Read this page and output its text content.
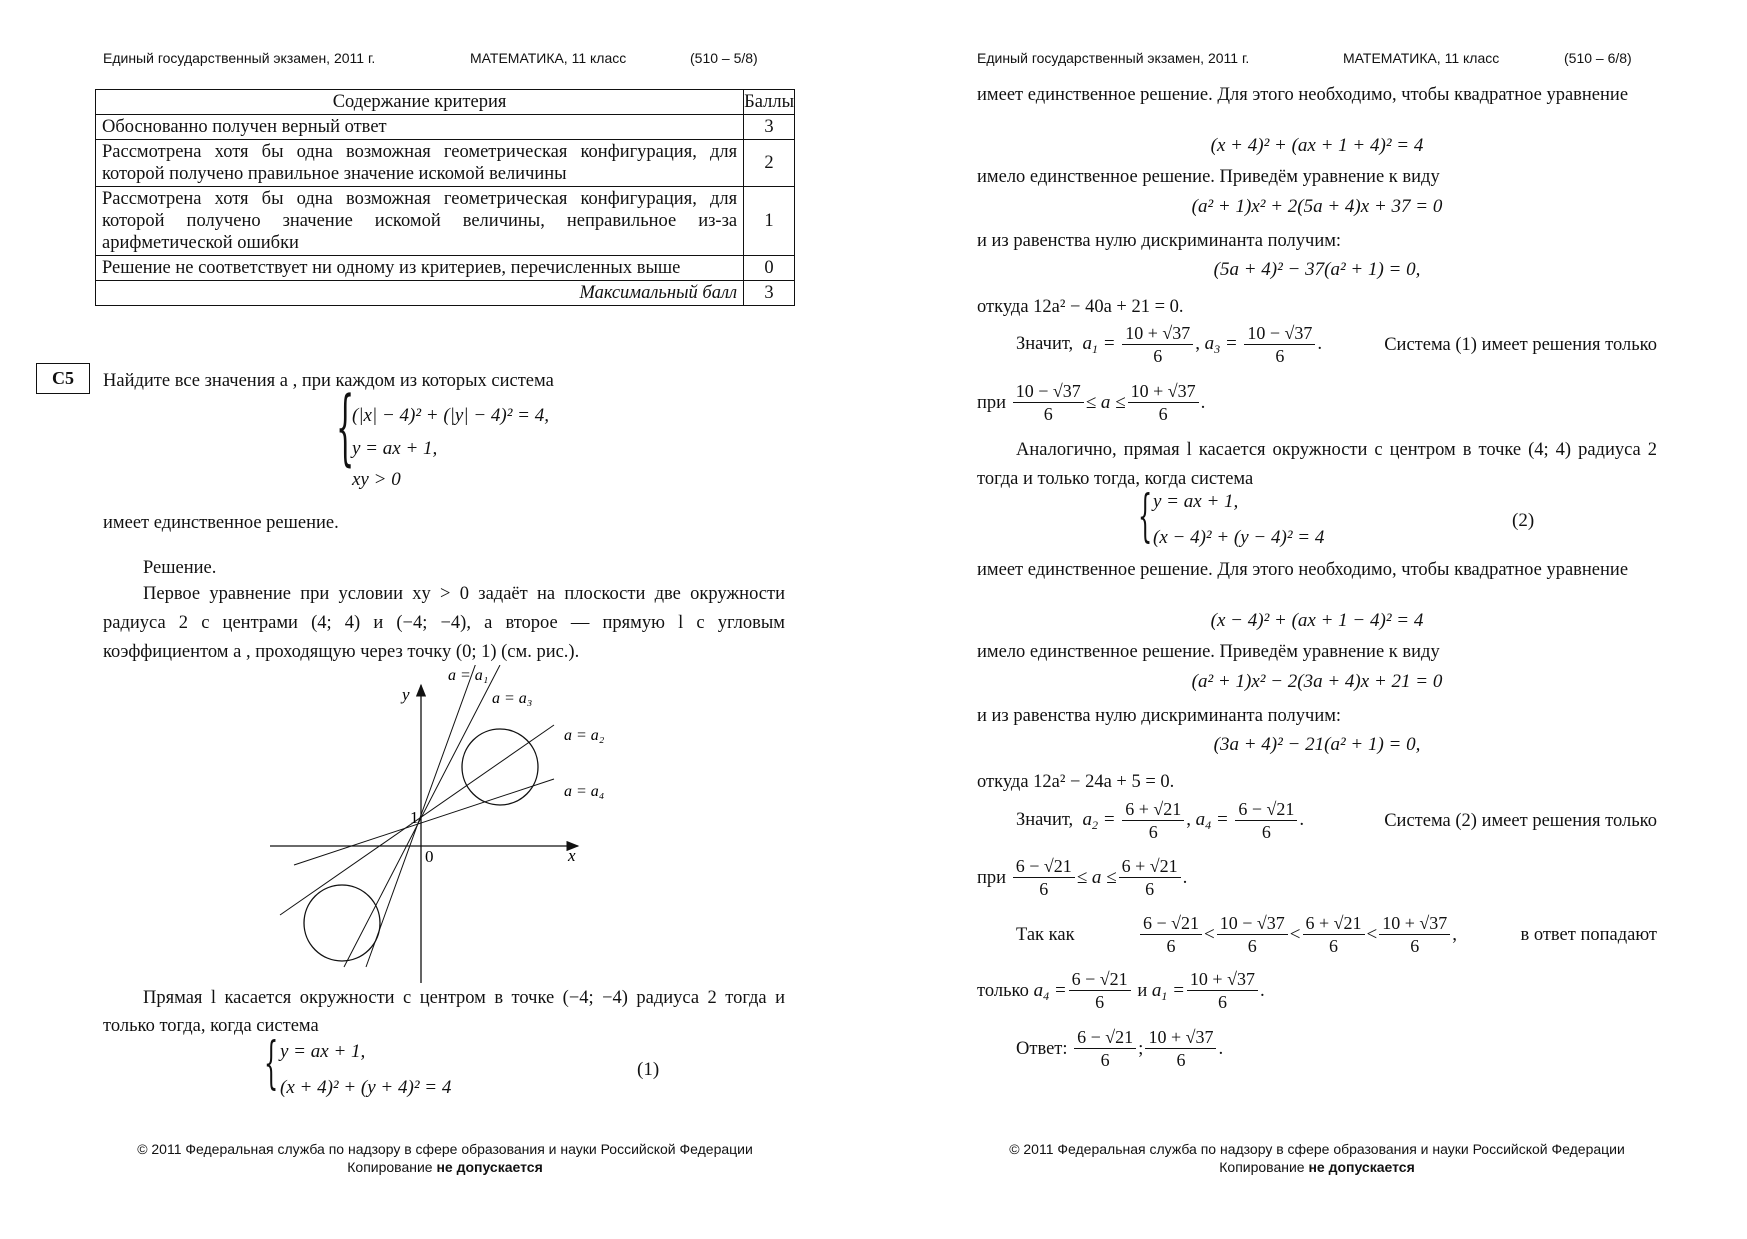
Единый государственный экзамен, 2011 г.	МАТЕМАТИКА, 11 класс	(510 – 5/8)
Содержание критерия	Баллы
Обоснованно получен верный ответ	3
Рассмотрена хотя бы одна возможная геометрическая конфигурация, для которой получено правильное значение искомой величины	2
Рассмотрена хотя бы одна возможная геометрическая конфигурация, для которой получено значение искомой величины, неправильное из-за арифметической ошибки	1
Решение не соответствует ни одному из критериев, перечисленных выше	0
Максимальный балл	3
C5	Найдите все значения a , при каждом из которых система
{
(|x| − 4)² + (|y| − 4)² = 4,
y = ax + 1,
xy > 0
имеет единственное решение.
Решение.
Первое уравнение при условии xy > 0 задаёт на плоскости две окружности радиуса 2 с центрами (4; 4) и (−4; −4), а второе — прямую l с угловым коэффициентом a , проходящую через точку (0; 1) (см. рис.).
y
x
0
1
a = a₁
a = a₃
a = a₂
a = a₄
Прямая l касается окружности с центром в точке (−4; −4) радиуса 2 тогда и только тогда, когда система
{ y = ax + 1,
(x + 4)² + (y + 4)² = 4
(1)
© 2011 Федеральная служба по надзору в сфере образования и науки Российской Федерации
Копирование не допускается
Единый государственный экзамен, 2011 г.	МАТЕМАТИКА, 11 класс	(510 – 6/8)
имеет единственное решение. Для этого необходимо, чтобы квадратное уравнение
(x + 4)² + (ax + 1 + 4)² = 4
имело единственное решение. Приведём уравнение к виду
(a² + 1)x² + 2(5a + 4)x + 37 = 0
и из равенства нулю дискриминанта получим:
(5a + 4)² − 37(a² + 1) = 0,
откуда 12a² − 40a + 21 = 0.
Значит,  $a_1 = \frac{10 + √37}{6}$ , $a_3 = \frac{10 - √37}{6}$ .	Система (1) имеет решения только
при
$\frac{10 - √37}{6} \le a \le \frac{10 + √37}{6}$ .
Аналогично, прямая l касается окружности с центром в точке (4; 4) радиуса 2 тогда и только тогда, когда система
{ y = ax + 1,
(x − 4)² + (y − 4)² = 4
(2)
имеет единственное решение. Для этого необходимо, чтобы квадратное уравнение
(x − 4)² + (ax + 1 − 4)² = 4
имело единственное решение. Приведём уравнение к виду
(a² + 1)x² − 2(3a + 4)x + 21 = 0
и из равенства нулю дискриминанта получим:
(3a + 4)² − 21(a² + 1) = 0,
откуда 12a² − 24a + 5 = 0.
Значит,  $a_2 = \frac{6 + √21}{6}$ , $a_4 = \frac{6 - √21}{6}$ .	Система (2) имеет решения только
при
$\frac{6 - √21}{6} \le a \le \frac{6 + √21}{6}$ .
Так как	$\frac{6 - √21}{6} < \frac{10 - √37}{6} < \frac{6 + √21}{6} < \frac{10 + √37}{6}$ ,	в ответ попадают
только $a_4 = \frac{6 - √21}{6}$ и $a_1 = \frac{10 + √37}{6}$ .
Ответ:
$\frac{6 - √21}{6}$ ; $\frac{10 + √37}{6}$ .
© 2011 Федеральная служба по надзору в сфере образования и науки Российской Федерации
Копирование не допускается
